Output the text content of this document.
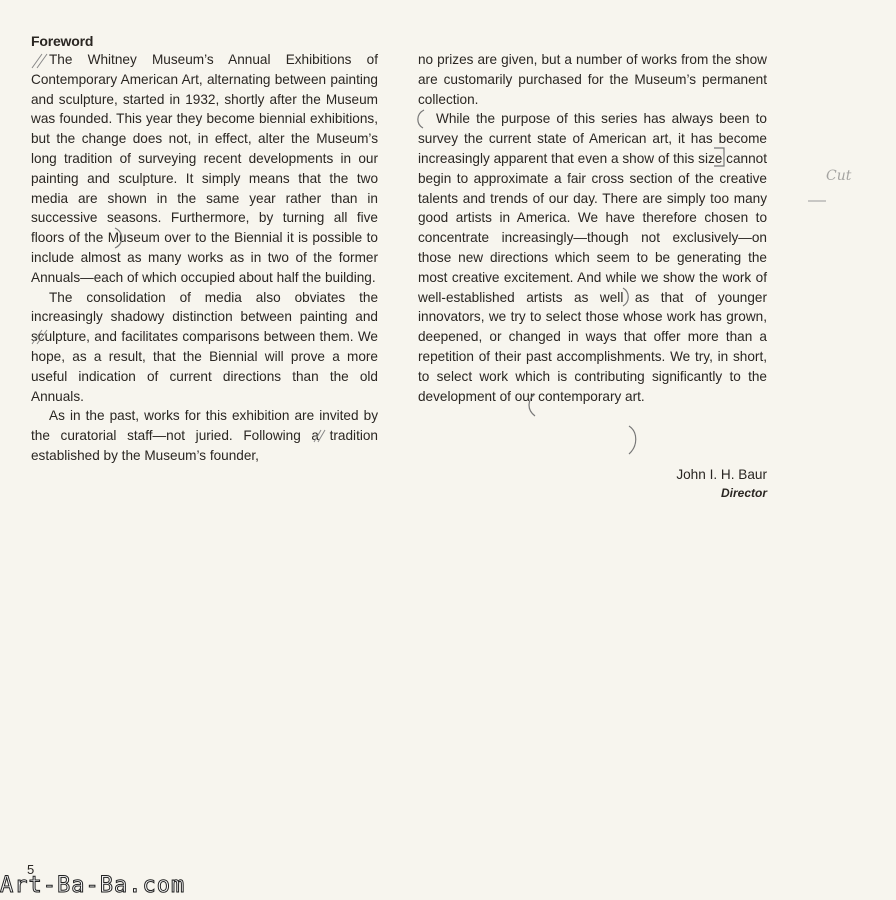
Foreword

The Whitney Museum’s Annual Exhibitions of Contemporary American Art, alternating between painting and sculpture, started in 1932, shortly after the Museum was founded. This year they become biennial exhibitions, but the change does not, in effect, alter the Museum’s long tradition of surveying recent developments in our painting and sculpture. It simply means that the two media are shown in the same year rather than in successive seasons. Furthermore, by turning all five floors of the Museum over to the Biennial it is possible to include almost as many works as in two of the former Annuals—each of which occupied about half the building.

The consolidation of media also obviates the increasingly shadowy distinction between painting and sculpture, and facilitates comparisons between them. We hope, as a result, that the Biennial will prove a more useful indication of current directions than the old Annuals.

As in the past, works for this exhibition are invited by the curatorial staff—not juried. Following a tradition established by the Museum’s founder,

no prizes are given, but a number of works from the show are customarily purchased for the Museum’s permanent collection.

While the purpose of this series has always been to survey the current state of American art, it has become increasingly apparent that even a show of this size cannot begin to approximate a fair cross section of the creative talents and trends of our day. There are simply too many good artists in America. We have therefore chosen to concentrate increasingly—though not exclusively—on those new directions which seem to be generating the most creative excitement. And while we show the work of well-established artists as well as that of younger innovators, we try to select those whose work has grown, deepened, or changed in ways that offer more than a repetition of their past accomplishments. We try, in short, to select work which is contributing significantly to the development of our contemporary art.

John I. H. Baur
Director
Cut
5
Art-Ba-Ba.com
